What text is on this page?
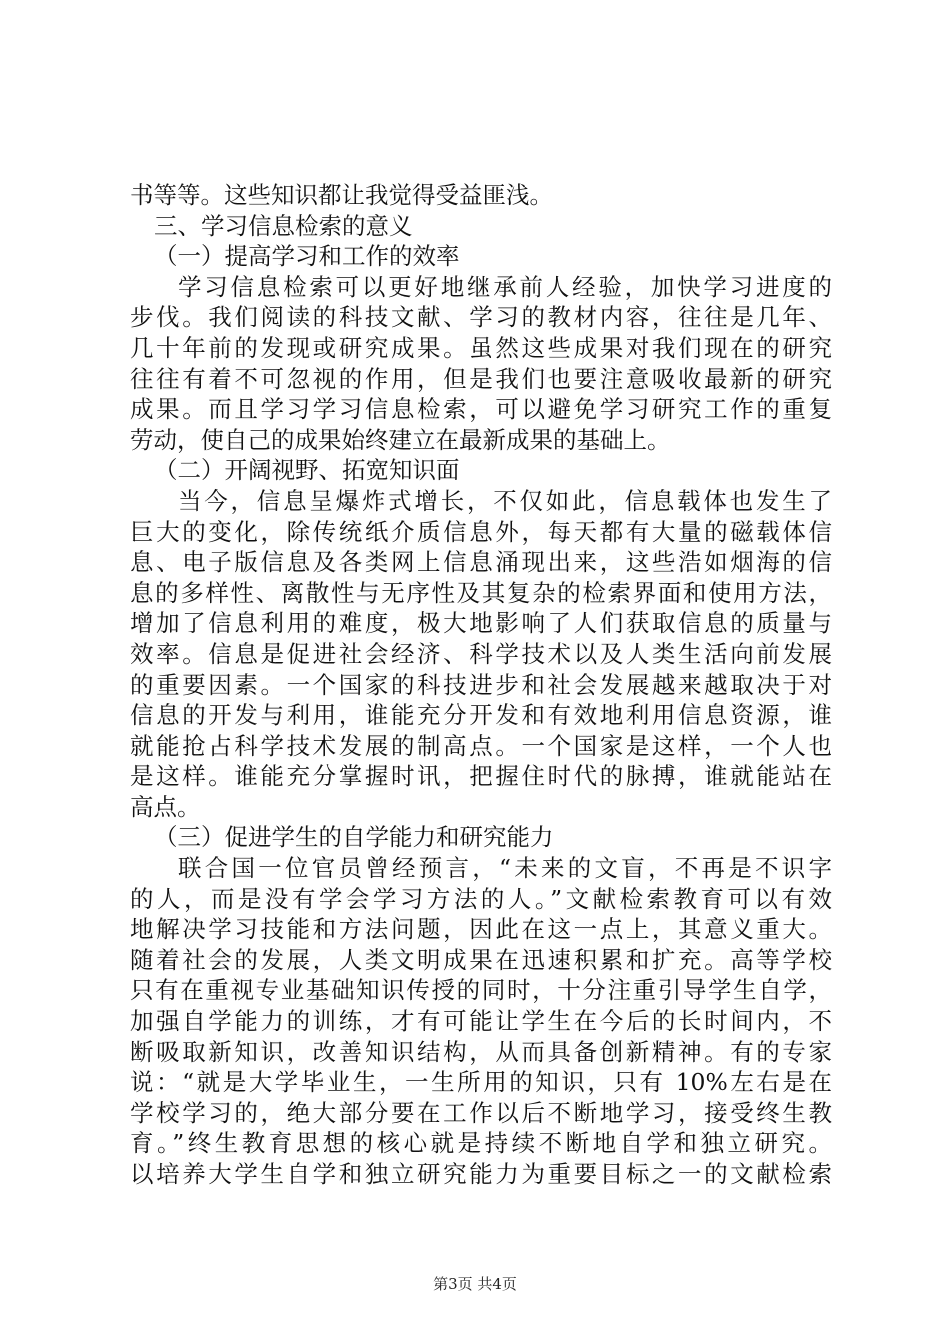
书等等。这些知识都让我觉得受益匪浅。
三、学习信息检索的意义
（一）提高学习和工作的效率
学习信息检索可以更好地继承前人经验，加快学习进度的
步伐。我们阅读的科技文献、学习的教材内容，往往是几年、
几十年前的发现或研究成果。虽然这些成果对我们现在的研究
往往有着不可忽视的作用，但是我们也要注意吸收最新的研究
成果。而且学习学习信息检索，可以避免学习研究工作的重复
劳动，使自己的成果始终建立在最新成果的基础上。
（二）开阔视野、拓宽知识面
当今，信息呈爆炸式增长，不仅如此，信息载体也发生了
巨大的变化，除传统纸介质信息外，每天都有大量的磁载体信
息、电子版信息及各类网上信息涌现出来，这些浩如烟海的信
息的多样性、离散性与无序性及其复杂的检索界面和使用方法，
增加了信息利用的难度，极大地影响了人们获取信息的质量与
效率。信息是促进社会经济、科学技术以及人类生活向前发展
的重要因素。一个国家的科技进步和社会发展越来越取决于对
信息的开发与利用，谁能充分开发和有效地利用信息资源，谁
就能抢占科学技术发展的制高点。一个国家是这样，一个人也
是这样。谁能充分掌握时讯，把握住时代的脉搏，谁就能站在
高点。
（三）促进学生的自学能力和研究能力
联合国一位官员曾经预言，“未来的文盲，不再是不识字
的人，而是没有学会学习方法的人。”文献检索教育可以有效
地解决学习技能和方法问题，因此在这一点上，其意义重大。
随着社会的发展，人类文明成果在迅速积累和扩充。高等学校
只有在重视专业基础知识传授的同时，十分注重引导学生自学，
加强自学能力的训练，才有可能让学生在今后的长时间内，不
断吸取新知识，改善知识结构，从而具备创新精神。有的专家
说：“就是大学毕业生，一生所用的知识，只有 10%左右是在
学校学习的，绝大部分要在工作以后不断地学习，接受终生教
育。”终生教育思想的核心就是持续不断地自学和独立研究。
以培养大学生自学和独立研究能力为重要目标之一的文献检索
第3页 共4页
